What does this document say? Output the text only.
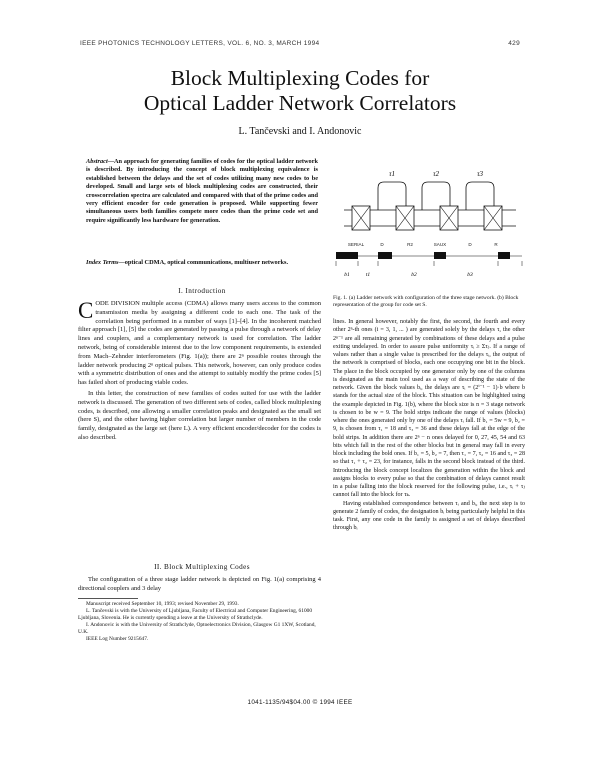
IEEE PHOTONICS TECHNOLOGY LETTERS, VOL. 6, NO. 3, MARCH 1994	429
Block Multiplexing Codes for
Optical Ladder Network Correlators
L. Tančevski and I. Andonovic
Abstract—An approach for generating families of codes for the optical ladder network is described. By introducing the concept of block multiplexing equivalence is established between the delays and the set of codes utilizing many new codes to be developed. Small and large sets of block multiplexing codes are constructed, their crosscorrelation spectra are calculated and compared with that of the prime codes and very efficient encoder for code generation is proposed. While supporting fewer simultaneous users both families compete more codes than the prime code set and require significantly less hardware for generation.
Index Terms—optical CDMA, optical communications, multiuser networks.
I. Introduction

CODE DIVISION multiple access (CDMA) allows many users access to the common transmission media by assigning a different code to each one. The task of the correlation being performed in a number of ways [1]–[4]. In the incoherent matched filter approach [1], [5] the codes are generated by passing a pulse through a network of delay lines and couplers, and a complementary network is used for correlation. The ladder network, being of considerable interest due to the low component requirements, is extended from Mach–Zehnder interferometers (Fig. 1(a)); there are 2ⁿ possible routes through the ladder network producing 2ⁿ optical pulses. This network, however, can only produce codes with a symmetric distribution of ones and the attempt to suitably modify the prime codes [5] has failed short of producing viable codes.

In this letter, the construction of new families of codes suited for use with the ladder network is discussed. The generation of two different sets of codes, called block multiplexing codes, is described, one allowing a smaller correlation peaks and designated as the small set (here S), and the other having higher correlation but larger number of members in the code family, designated as the large set (here L). A very efficient encoder/decoder for the codes is also described.

II. Block Multiplexing Codes

The configuration of a three stage ladder network is depicted on Fig. 1(a) comprising 4 directional couplers and 3 delay

Manuscript received September 10, 1993; revised November 29, 1993.
L. Tančevski is with the University of Ljubljana, Faculty of Electrical and Computer Engineering, 61000 Ljubljana, Slovenia. He is currently spending a leave at the University of Strathclyde.
I. Andonovic is with the University of Strathclyde, Optoelectronics Division, Glasgow G1 1XW, Scotland, U.K.
IEEE Log Number 9215647.
τ1	τ2	τ3
SERIAL	D	R2	SAUX	D	R
b1	t1	b2	b3
Fig. 1. (a) Ladder network with configuration of the three stage network. (b) Block representation of the group for code set S.

lines. In general however, notably the first, the second, the fourth and every other 2ⁿ-th ones (i = 3, 1, ... ) are generated solely by the delays τ, the other 2ⁿ⁻¹ are all remaining generated by combinations of these delays and a pulse exiting undelayed. In order to assure pulse uniformity τᵢ ≥ Στⱼ. If a range of values rather than a single value is prescribed for the delays τᵢ, the output of the network is comprised of blocks, each one occupying one bit in the block. The place in the block occupied by one generator only by one of the columns is designated as the main tool used as a way of describing the state of the network. Given the block values bᵢ, the delays are τᵢ = (2ⁱ⁻¹ − 1)·b where b stands for the actual size of the block. This situation can be highlighted using the example depicted in Fig. 1(b), where the block size is n = 3 stage network is chosen to be w = 9. The bold strips indicate the range of values (blocks) where the ones generated only by one of the delays τᵢ fall. If b₁ = 5w = 9, b₂ = 9, is chosen from τ₁ = 18 and τ₃ = 36 and these delays fall at the edge of the bold strips. In addition there are 2ⁿ − n ones delayed for 0, 27, 45, 54 and 63 bits which fall in the rest of the other blocks but in general may fall in every block including the bold ones. If b₁ = 5, b₂ = 7, then τ₁ = 7, τ₂ = 16 and τ₃ = 28 so that τ₁ + τ₂ = 23, for instance, falls in the second block instead of the third. Introducing the block concept localizes the generation within the block and assigns blocks to every pulse so that the combination of delays cannot result in a pulse falling into the block reserved for the following pulse, i.e., τᵢ + τⱼ cannot fall into the block for τₖ.

Having established correspondence between τᵢ and bᵢ, the next step is to generate 2 family of codes, the designation bᵢ being particularly helpful in this task. First, any one code in the family is assigned a set of delays described through bᵢ

1041-1135/94$04.00 © 1994 IEEE
